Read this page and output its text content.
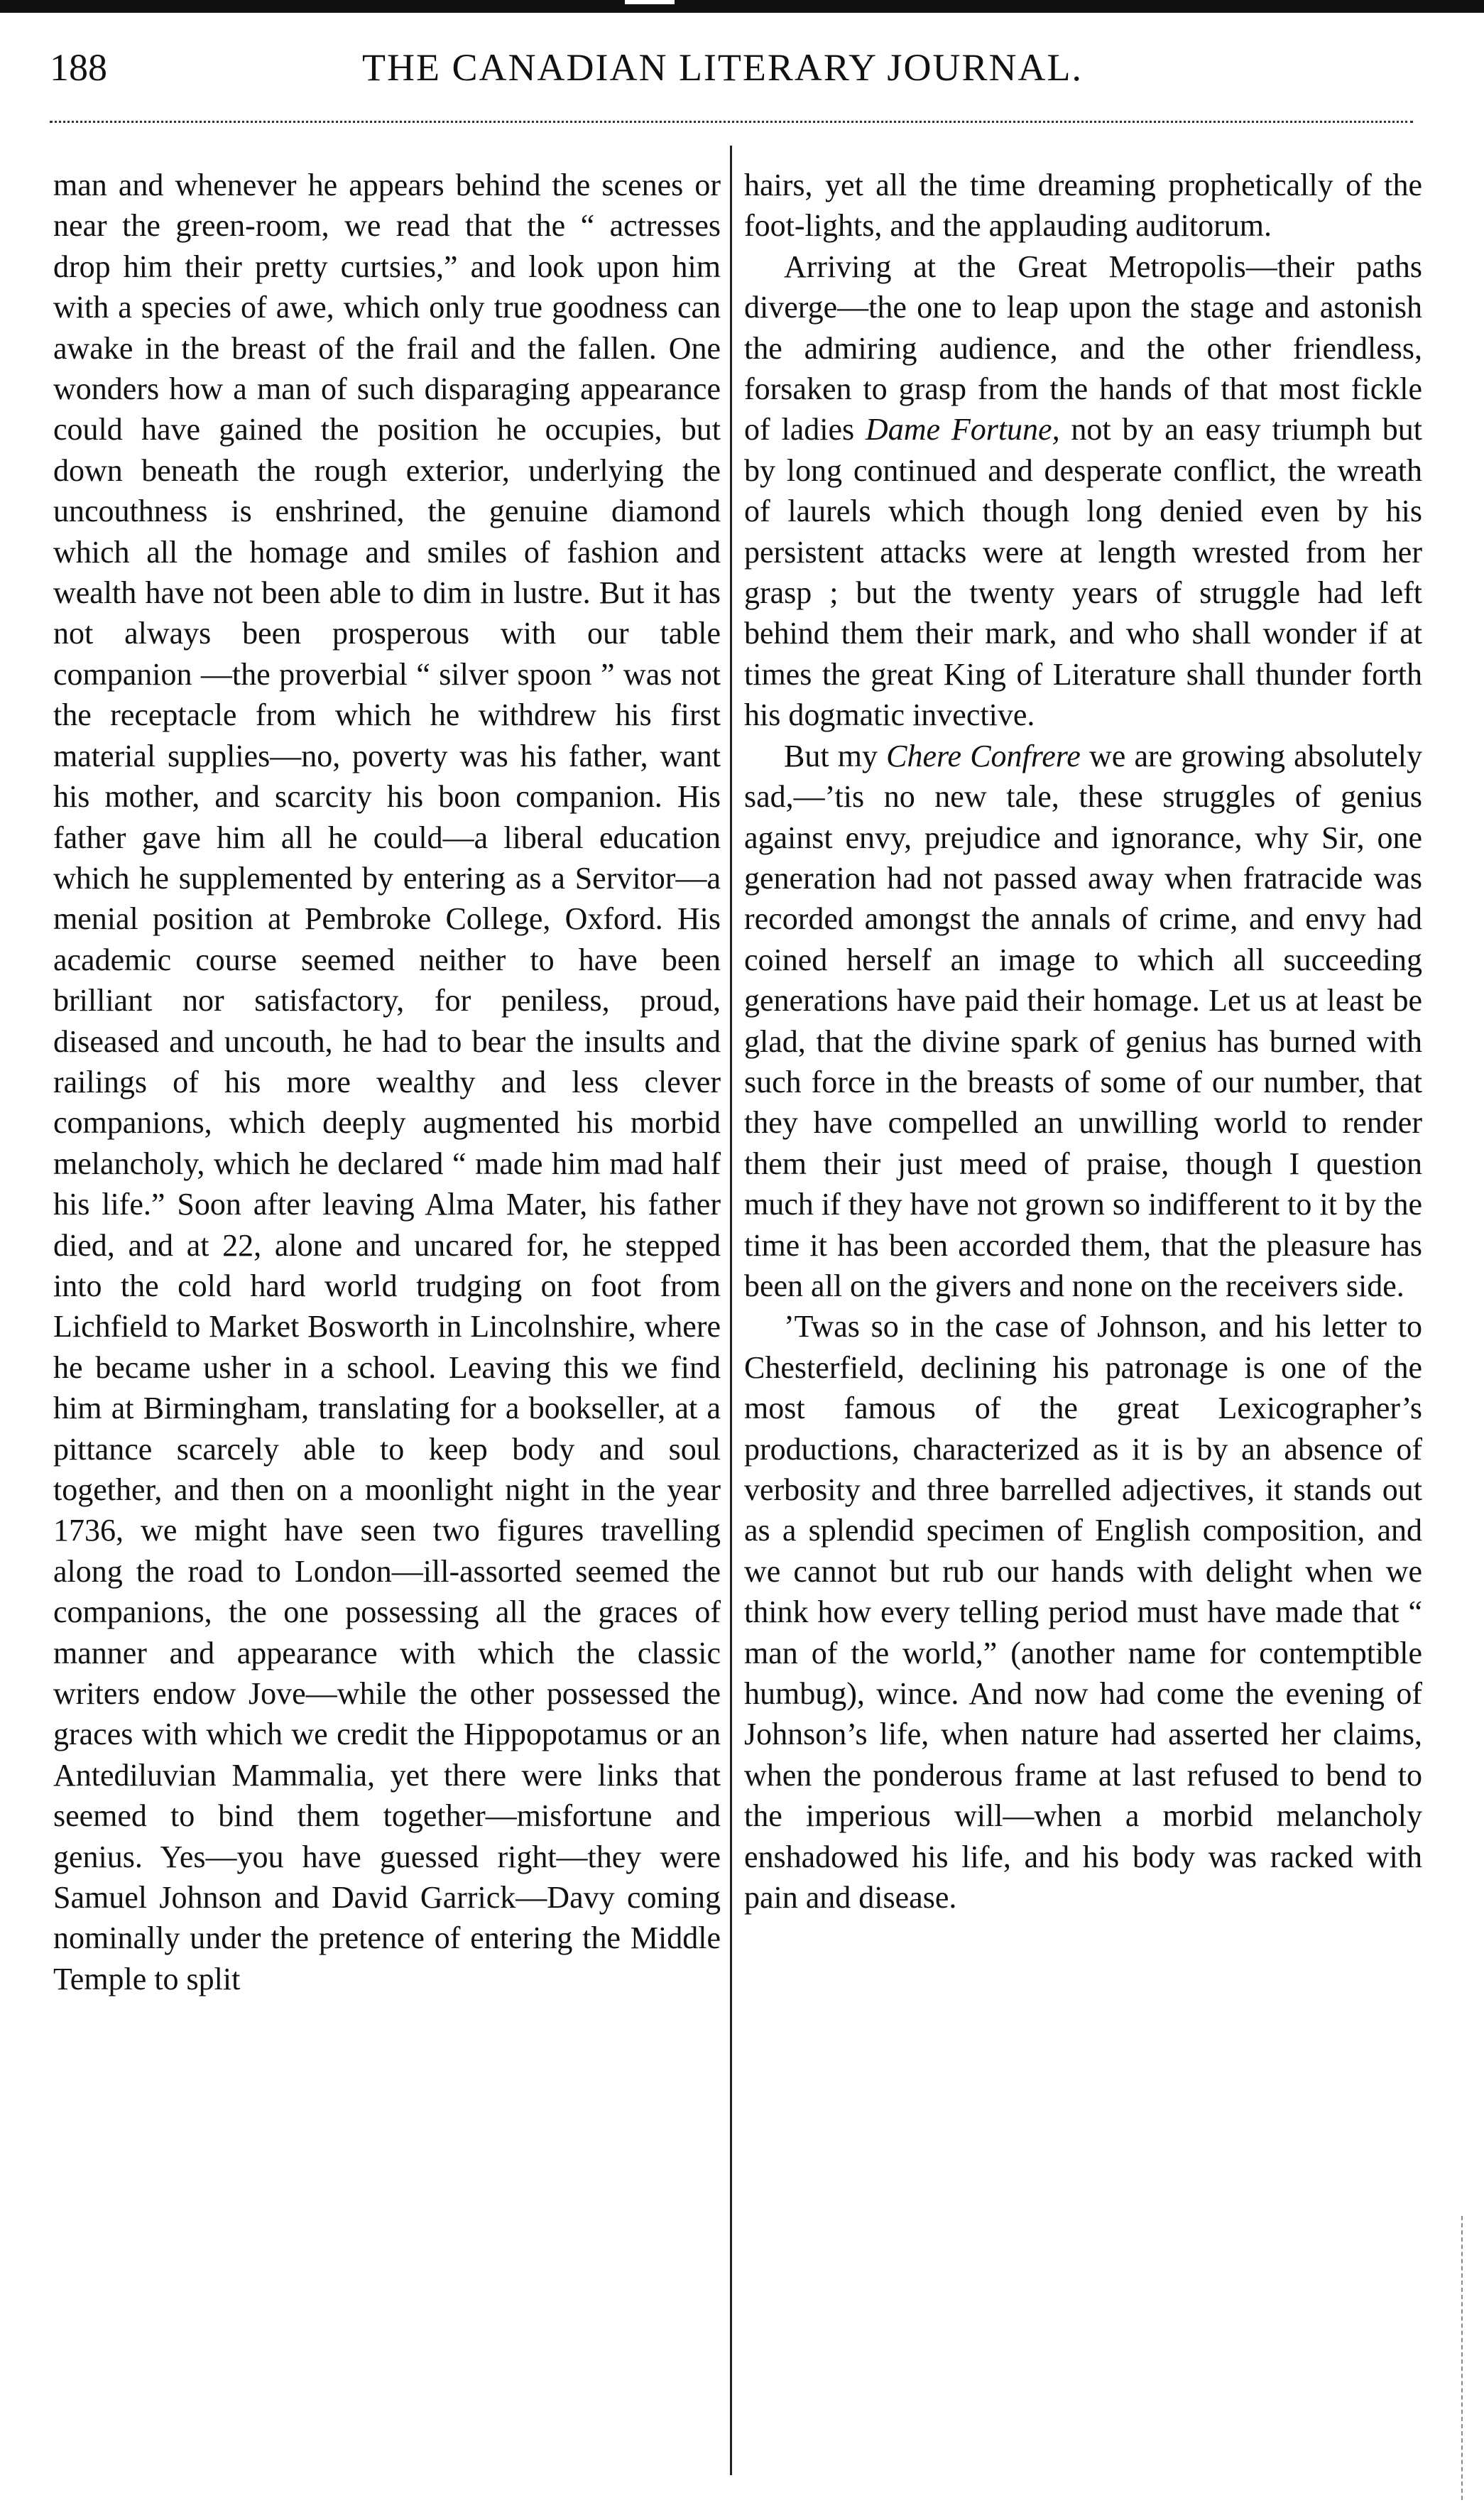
188	THE CANADIAN LITERARY JOURNAL.

man and whenever he appears behind the scenes or near the green-room, we read that the “ actresses drop him their pretty curtsies,” and look upon him with a species of awe, which only true goodness can awake in the breast of the frail and the fallen. One wonders how a man of such disparaging appearance could have gained the position he occupies, but down beneath the rough exterior, underlying the uncouthness is enshrined, the genuine diamond which all the homage and smiles of fashion and wealth have not been able to dim in lustre. But it has not always been prosperous with our table companion —the proverbial “ silver spoon ” was not the receptacle from which he withdrew his first material supplies—no, poverty was his father, want his mother, and scarcity his boon companion. His father gave him all he could—a liberal education which he supplemented by entering as a Servitor—a menial position at Pembroke College, Oxford. His academic course seemed neither to have been brilliant nor satisfactory, for peniless, proud, diseased and uncouth, he had to bear the insults and railings of his more wealthy and less clever companions, which deeply augmented his morbid melancholy, which he declared “ made him mad half his life.” Soon after leaving Alma Mater, his father died, and at 22, alone and uncared for, he stepped into the cold hard world trudging on foot from Lichfield to Market Bosworth in Lincolnshire, where he became usher in a school. Leaving this we find him at Birmingham, translating for a bookseller, at a pittance scarcely able to keep body and soul together, and then on a moonlight night in the year 1736, we might have seen two figures travelling along the road to London—ill-assorted seemed the companions, the one possessing all the graces of manner and appearance with which the classic writers endow Jove—while the other possessed the graces with which we credit the Hippopotamus or an Antediluvian Mammalia, yet there were links that seemed to bind them together—misfortune and genius. Yes—you have guessed right—they were Samuel Johnson and David Garrick—Davy coming nominally under the pretence of entering the Middle Temple to split

hairs, yet all the time dreaming prophetically of the foot-lights, and the applauding auditorum.

Arriving at the Great Metropolis—their paths diverge—the one to leap upon the stage and astonish the admiring audience, and the other friendless, forsaken to grasp from the hands of that most fickle of ladies Dame Fortune, not by an easy triumph but by long continued and desperate conflict, the wreath of laurels which though long denied even by his persistent attacks were at length wrested from her grasp ; but the twenty years of struggle had left behind them their mark, and who shall wonder if at times the great King of Literature shall thunder forth his dogmatic invective.

But my Chere Confrere we are growing absolutely sad,—’tis no new tale, these struggles of genius against envy, prejudice and ignorance, why Sir, one generation had not passed away when fratracide was recorded amongst the annals of crime, and envy had coined herself an image to which all succeeding generations have paid their homage. Let us at least be glad, that the divine spark of genius has burned with such force in the breasts of some of our number, that they have compelled an unwilling world to render them their just meed of praise, though I question much if they have not grown so indifferent to it by the time it has been accorded them, that the pleasure has been all on the givers and none on the receivers side.

’Twas so in the case of Johnson, and his letter to Chesterfield, declining his patronage is one of the most famous of the great Lexicographer’s productions, characterized as it is by an absence of verbosity and three barrelled adjectives, it stands out as a splendid specimen of English composition, and we cannot but rub our hands with delight when we think how every telling period must have made that “ man of the world,” (another name for contemptible humbug), wince. And now had come the evening of Johnson’s life, when nature had asserted her claims, when the ponderous frame at last refused to bend to the imperious will—when a morbid melancholy enshadowed his life, and his body was racked with pain and disease.
